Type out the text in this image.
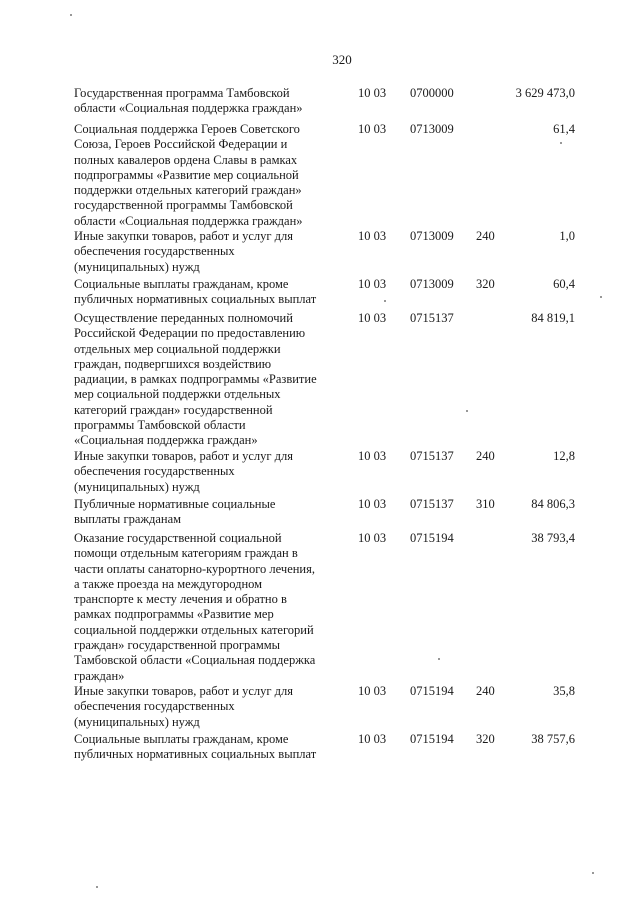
320

Государственная программа Тамбовской
области «Социальная поддержка граждан»

10 03 0700000	3 629 473,0

Социальная поддержка Героев Советского
Союза, Героев Российской Федерации и
полных кавалеров ордена Славы в рамках
подпрограммы «Развитие мер социальной
поддержки отдельных категорий граждан»
государственной программы Тамбовской
области «Социальная поддержка граждан»

10 03 0713009	61,4

Иные закупки товаров, работ и услуг для
обеспечения государственных
(муниципальных) нужд

10 03 0713009 240	1,0

Социальные выплаты гражданам, кроме
публичных нормативных социальных выплат

10 03 0713009 320	60,4

Осуществление переданных полномочий
Российской Федерации по предоставлению
отдельных мер социальной поддержки
граждан, подвергшихся воздействию
радиации, в рамках подпрограммы «Развитие
мер социальной поддержки отдельных
категорий граждан» государственной
программы Тамбовской области
«Социальная поддержка граждан»

10 03 0715137	84 819,1

Иные закупки товаров, работ и услуг для
обеспечения государственных
(муниципальных) нужд

10 03 0715137 240	12,8

Публичные нормативные социальные
выплаты гражданам

10 03 0715137 310	84 806,3

Оказание государственной социальной
помощи отдельным категориям граждан в
части оплаты санаторно-курортного лечения,
а также проезда на междугородном
транспорте к месту лечения и обратно в
рамках подпрограммы «Развитие мер
социальной поддержки отдельных категорий
граждан» государственной программы
Тамбовской области «Социальная поддержка
граждан»

10 03 0715194	38 793,4

Иные закупки товаров, работ и услуг для
обеспечения государственных
(муниципальных) нужд

10 03 0715194 240	35,8

Социальные выплаты гражданам, кроме
публичных нормативных социальных выплат

10 03 0715194 320	38 757,6
